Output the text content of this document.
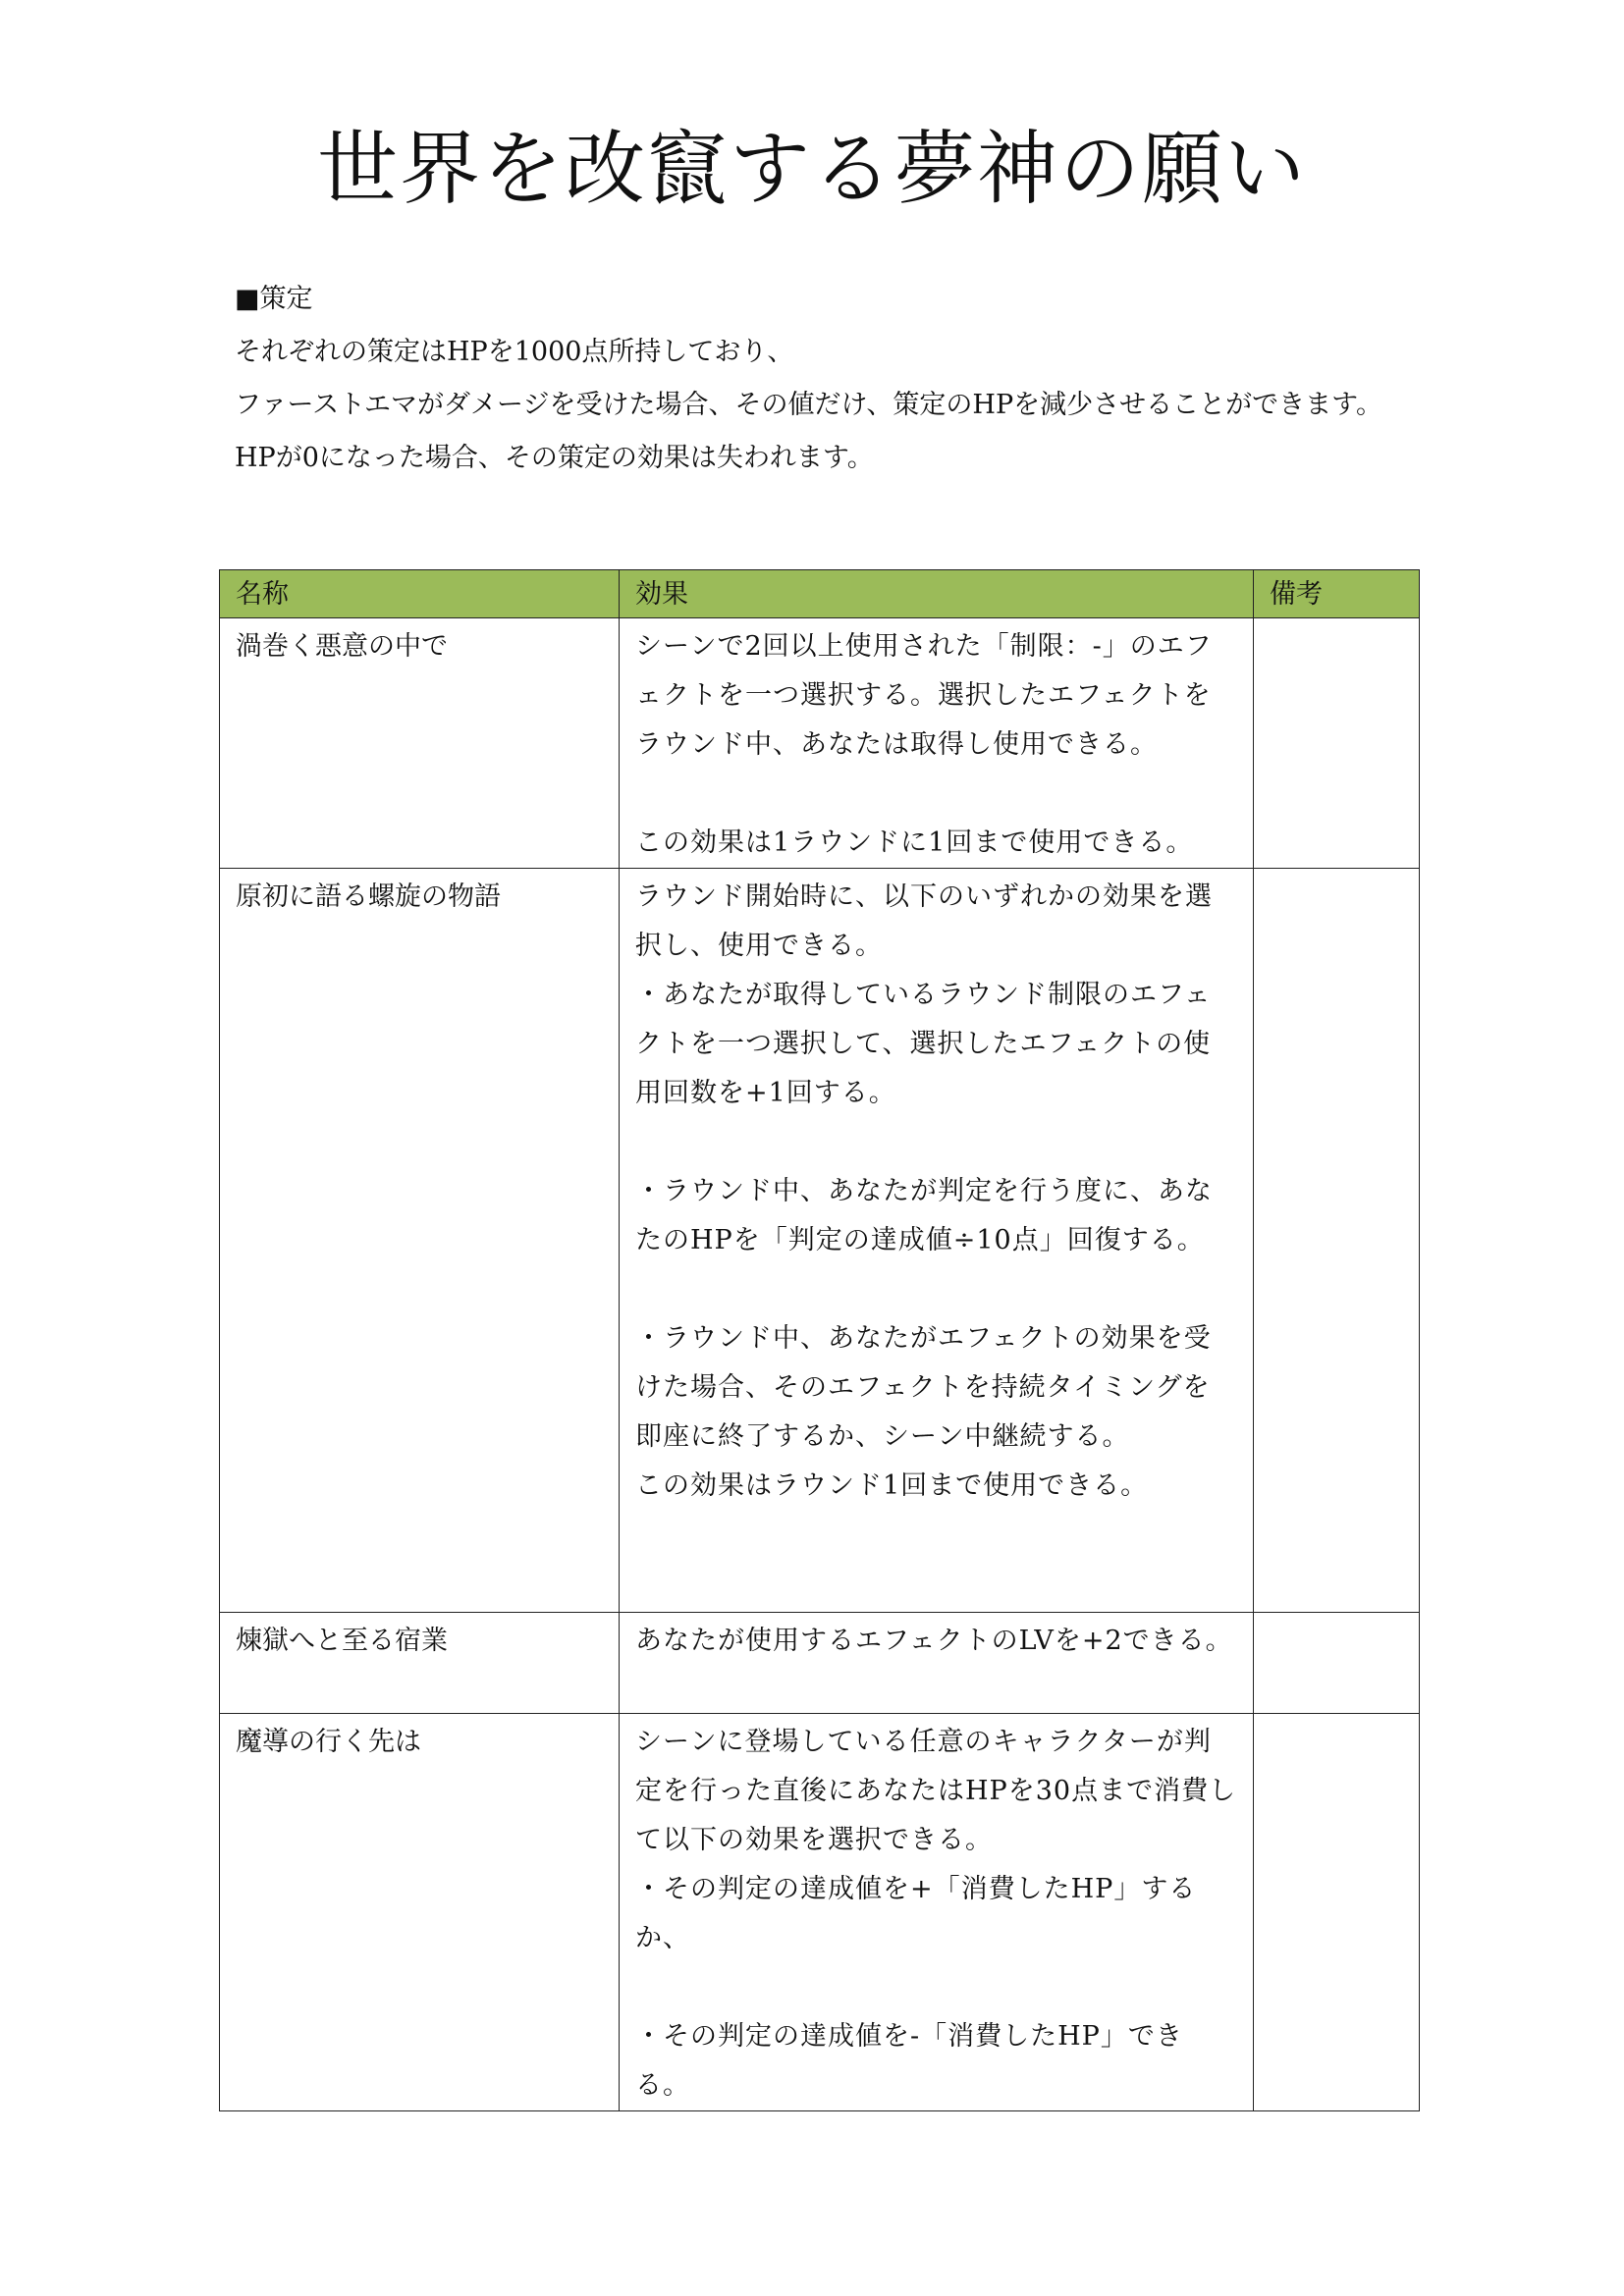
世界を改竄する夢神の願い

■策定

それぞれの策定はHPを1000点所持しており、

ファーストエマがダメージを受けた場合、その値だけ、策定のHPを減少させることができます。

HPが0になった場合、その策定の効果は失われます。

名称	効果	備考
渦巻く悪意の中で	シーンで2回以上使用された「制限：-」のエフェクトを一つ選択する。選択したエフェクトをラウンド中、あなたは取得し使用できる。
この効果は1ラウンドに1回まで使用できる。	

原初に語る螺旋の物語	ラウンド開始時に、以下のいずれかの効果を選択し、使用できる。
・あなたが取得しているラウンド制限のエフェクトを一つ選択して、選択したエフェクトの使用回数を+1回する。
・ラウンド中、あなたが判定を行う度に、あなたのHPを「判定の達成値÷10点」回復する。
・ラウンド中、あなたがエフェクトの効果を受けた場合、そのエフェクトを持続タイミングを即座に終了するか、シーン中継続する。
この効果はラウンド1回まで使用できる。	

煉獄へと至る宿業	あなたが使用するエフェクトのLVを+2できる。	

魔導の行く先は	シーンに登場している任意のキャラクターが判定を行った直後にあなたはHPを30点まで消費して以下の効果を選択できる。
・その判定の達成値を+「消費したHP」するか、
・その判定の達成値を-「消費したHP」できる。	
